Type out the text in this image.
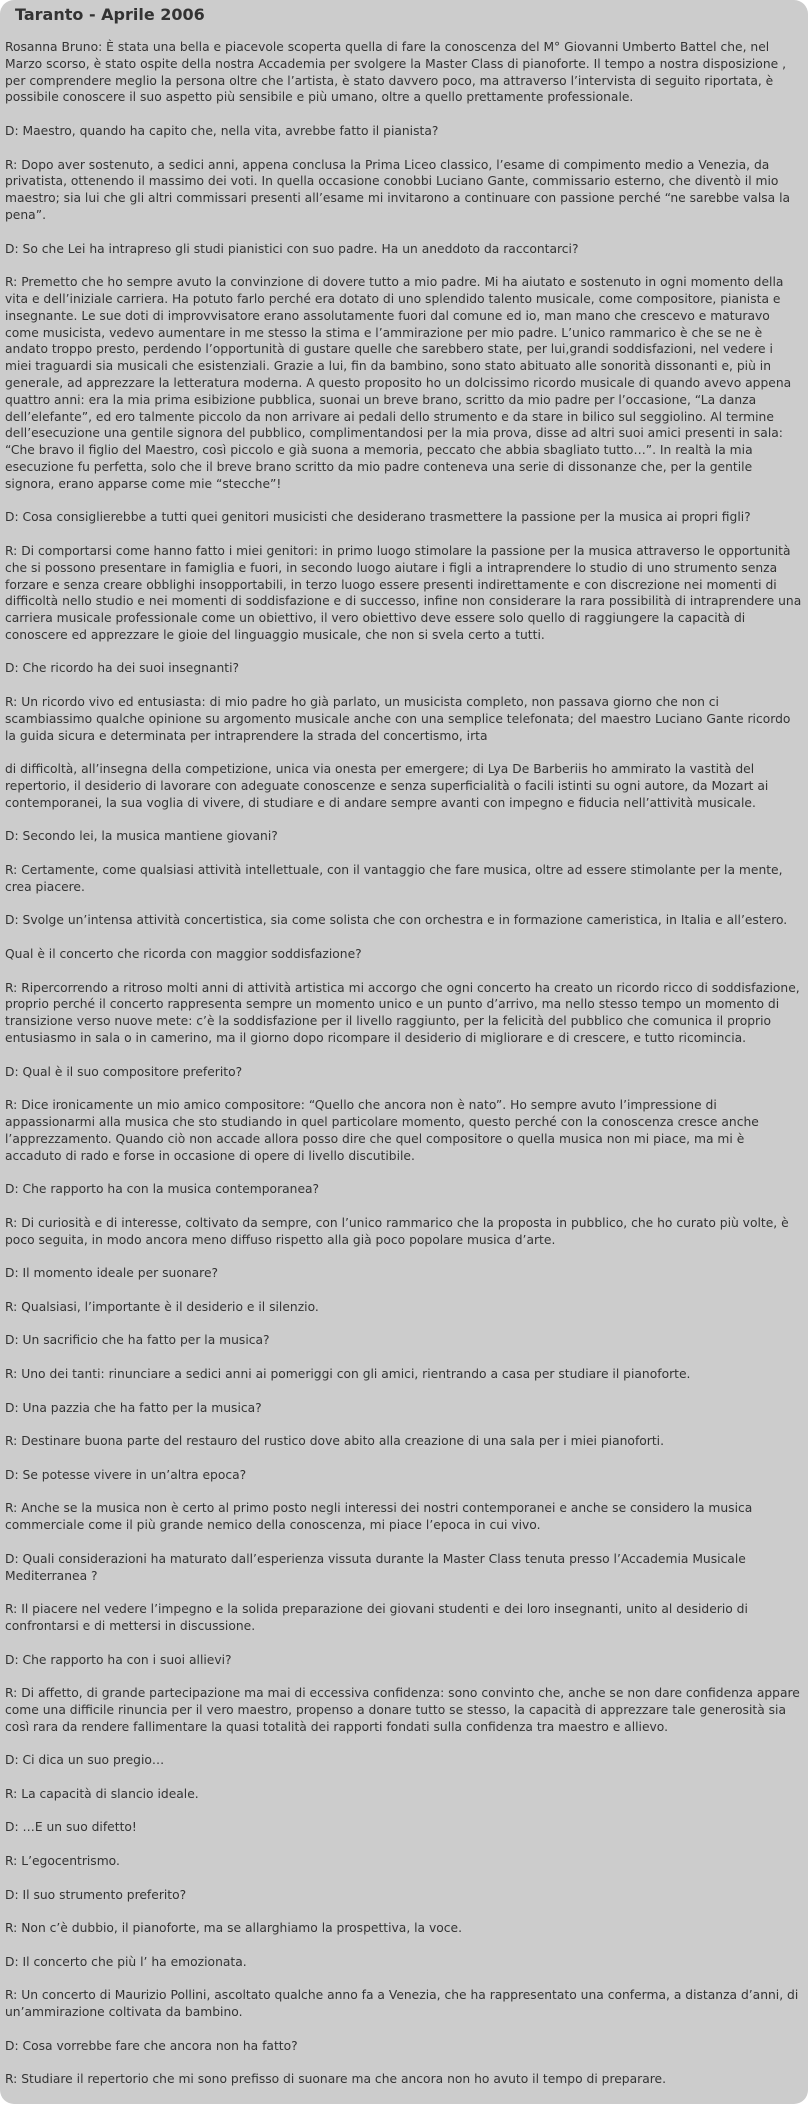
Taranto - Aprile 2006

Rosanna Bruno: È stata una bella e piacevole scoperta quella di fare la conoscenza del M° Giovanni Umberto Battel che, nel Marzo scorso, è stato ospite della nostra Accademia per svolgere la Master Class di pianoforte. Il tempo a nostra disposizione , per comprendere meglio la persona oltre che l’artista, è stato davvero poco, ma attraverso l’intervista di seguito riportata, è possibile conoscere il suo aspetto più sensibile e più umano, oltre a quello prettamente professionale.

D: Maestro, quando ha capito che, nella vita, avrebbe fatto il pianista?

R: Dopo aver sostenuto, a sedici anni, appena conclusa la Prima Liceo classico, l’esame di compimento medio a Venezia, da privatista, ottenendo il massimo dei voti. In quella occasione conobbi Luciano Gante, commissario esterno, che diventò il mio maestro; sia lui che gli altri commissari presenti all’esame mi invitarono a continuare con passione perché “ne sarebbe valsa la pena”.

D: So che Lei ha intrapreso gli studi pianistici con suo padre. Ha un aneddoto da raccontarci?

R: Premetto che ho sempre avuto la convinzione di dovere tutto a mio padre. Mi ha aiutato e sostenuto in ogni momento della vita e dell’iniziale carriera. Ha potuto farlo perché era dotato di uno splendido talento musicale, come compositore, pianista e insegnante. Le sue doti di improvvisatore erano assolutamente fuori dal comune ed io, man mano che crescevo e maturavo come musicista, vedevo aumentare in me stesso la stima e l’ammirazione per mio padre. L’unico rammarico è che se ne è andato troppo presto, perdendo l’opportunità di gustare quelle che sarebbero state, per lui,grandi soddisfazioni, nel vedere i miei traguardi sia musicali che esistenziali. Grazie a lui, fin da bambino, sono stato abituato alle sonorità dissonanti e, più in generale, ad apprezzare la letteratura moderna. A questo proposito ho un dolcissimo ricordo musicale di quando avevo appena quattro anni: era la mia prima esibizione pubblica, suonai un breve brano, scritto da mio padre per l’occasione, “La danza dell’elefante”, ed ero talmente piccolo da non arrivare ai pedali dello strumento e da stare in bilico sul seggiolino. Al termine dell’esecuzione una gentile signora del pubblico, complimentandosi per la mia prova, disse ad altri suoi amici presenti in sala: “Che bravo il figlio del Maestro, così piccolo e già suona a memoria, peccato che abbia sbagliato tutto…”. In realtà la mia esecuzione fu perfetta, solo che il breve brano scritto da mio padre conteneva una serie di dissonanze che, per la gentile signora, erano apparse come mie “stecche”!

D: Cosa consiglierebbe a tutti quei genitori musicisti che desiderano trasmettere la passione per la musica ai propri figli?

R: Di comportarsi come hanno fatto i miei genitori: in primo luogo stimolare la passione per la musica attraverso le opportunità che si possono presentare in famiglia e fuori, in secondo luogo aiutare i figli a intraprendere lo studio di uno strumento senza forzare e senza creare obblighi insopportabili, in terzo luogo essere presenti indirettamente e con discrezione nei momenti di difficoltà nello studio e nei momenti di soddisfazione e di successo, infine non considerare la rara possibilità di intraprendere una carriera musicale professionale come un obiettivo, il vero obiettivo deve essere solo quello di raggiungere la capacità di conoscere ed apprezzare le gioie del linguaggio musicale, che non si svela certo a tutti.

D: Che ricordo ha dei suoi insegnanti?

R: Un ricordo vivo ed entusiasta: di mio padre ho già parlato, un musicista completo, non passava giorno che non ci scambiassimo qualche opinione su argomento musicale anche con una semplice telefonata; del maestro Luciano Gante ricordo la guida sicura e determinata per intraprendere la strada del concertismo, irta

di difficoltà, all’insegna della competizione, unica via onesta per emergere; di Lya De Barberiis ho ammirato la vastità del repertorio, il desiderio di lavorare con adeguate conoscenze e senza superficialità o facili istinti su ogni autore, da Mozart ai contemporanei, la sua voglia di vivere, di studiare e di andare sempre avanti con impegno e fiducia nell’attività musicale.

D: Secondo lei, la musica mantiene giovani?

R: Certamente, come qualsiasi attività intellettuale, con il vantaggio che fare musica, oltre ad essere stimolante per la mente, crea piacere.

D: Svolge un’intensa attività concertistica, sia come solista che con orchestra e in formazione cameristica, in Italia e all’estero.

Qual è il concerto che ricorda con maggior soddisfazione?

R: Ripercorrendo a ritroso molti anni di attività artistica mi accorgo che ogni concerto ha creato un ricordo ricco di soddisfazione, proprio perché il concerto rappresenta sempre un momento unico e un punto d’arrivo, ma nello stesso tempo un momento di transizione verso nuove mete: c’è la soddisfazione per il livello raggiunto, per la felicità del pubblico che comunica il proprio entusiasmo in sala o in camerino, ma il giorno dopo ricompare il desiderio di migliorare e di crescere, e tutto ricomincia.

D: Qual è il suo compositore preferito?

R: Dice ironicamente un mio amico compositore: “Quello che ancora non è nato”. Ho sempre avuto l’impressione di appassionarmi alla musica che sto studiando in quel particolare momento, questo perché con la conoscenza cresce anche l’apprezzamento. Quando ciò non accade allora posso dire che quel compositore o quella musica non mi piace, ma mi è accaduto di rado e forse in occasione di opere di livello discutibile.

D: Che rapporto ha con la musica contemporanea?

R: Di curiosità e di interesse, coltivato da sempre, con l’unico rammarico che la proposta in pubblico, che ho curato più volte, è poco seguita, in modo ancora meno diffuso rispetto alla già poco popolare musica d’arte.

D: Il momento ideale per suonare?

R: Qualsiasi, l’importante è il desiderio e il silenzio.

D: Un sacrificio che ha fatto per la musica?

R: Uno dei tanti: rinunciare a sedici anni ai pomeriggi con gli amici, rientrando a casa per studiare il pianoforte.

D: Una pazzia che ha fatto per la musica?

R: Destinare buona parte del restauro del rustico dove abito alla creazione di una sala per i miei pianoforti.

D: Se potesse vivere in un’altra epoca?

R: Anche se la musica non è certo al primo posto negli interessi dei nostri contemporanei e anche se considero la musica commerciale come il più grande nemico della conoscenza, mi piace l’epoca in cui vivo.

D: Quali considerazioni ha maturato dall’esperienza vissuta durante la Master Class tenuta presso l’Accademia Musicale Mediterranea ?

R: Il piacere nel vedere l’impegno e la solida preparazione dei giovani studenti e dei loro insegnanti, unito al desiderio di confrontarsi e di mettersi in discussione.

D: Che rapporto ha con i suoi allievi?

R: Di affetto, di grande partecipazione ma mai di eccessiva confidenza: sono convinto che, anche se non dare confidenza appare come una difficile rinuncia per il vero maestro, propenso a donare tutto se stesso, la capacità di apprezzare tale generosità sia così rara da rendere fallimentare la quasi totalità dei rapporti fondati sulla confidenza tra maestro e allievo.

D: Ci dica un suo pregio…

R: La capacità di slancio ideale.

D: …E un suo difetto!

R: L’egocentrismo.

D: Il suo strumento preferito?

R: Non c’è dubbio, il pianoforte, ma se allarghiamo la prospettiva, la voce.

D: Il concerto che più l’ ha emozionata.

R: Un concerto di Maurizio Pollini, ascoltato qualche anno fa a Venezia, che ha rappresentato una conferma, a distanza d’anni, di un’ammirazione coltivata da bambino.

D: Cosa vorrebbe fare che ancora non ha fatto?

R: Studiare il repertorio che mi sono prefisso di suonare ma che ancora non ho avuto il tempo di preparare.
